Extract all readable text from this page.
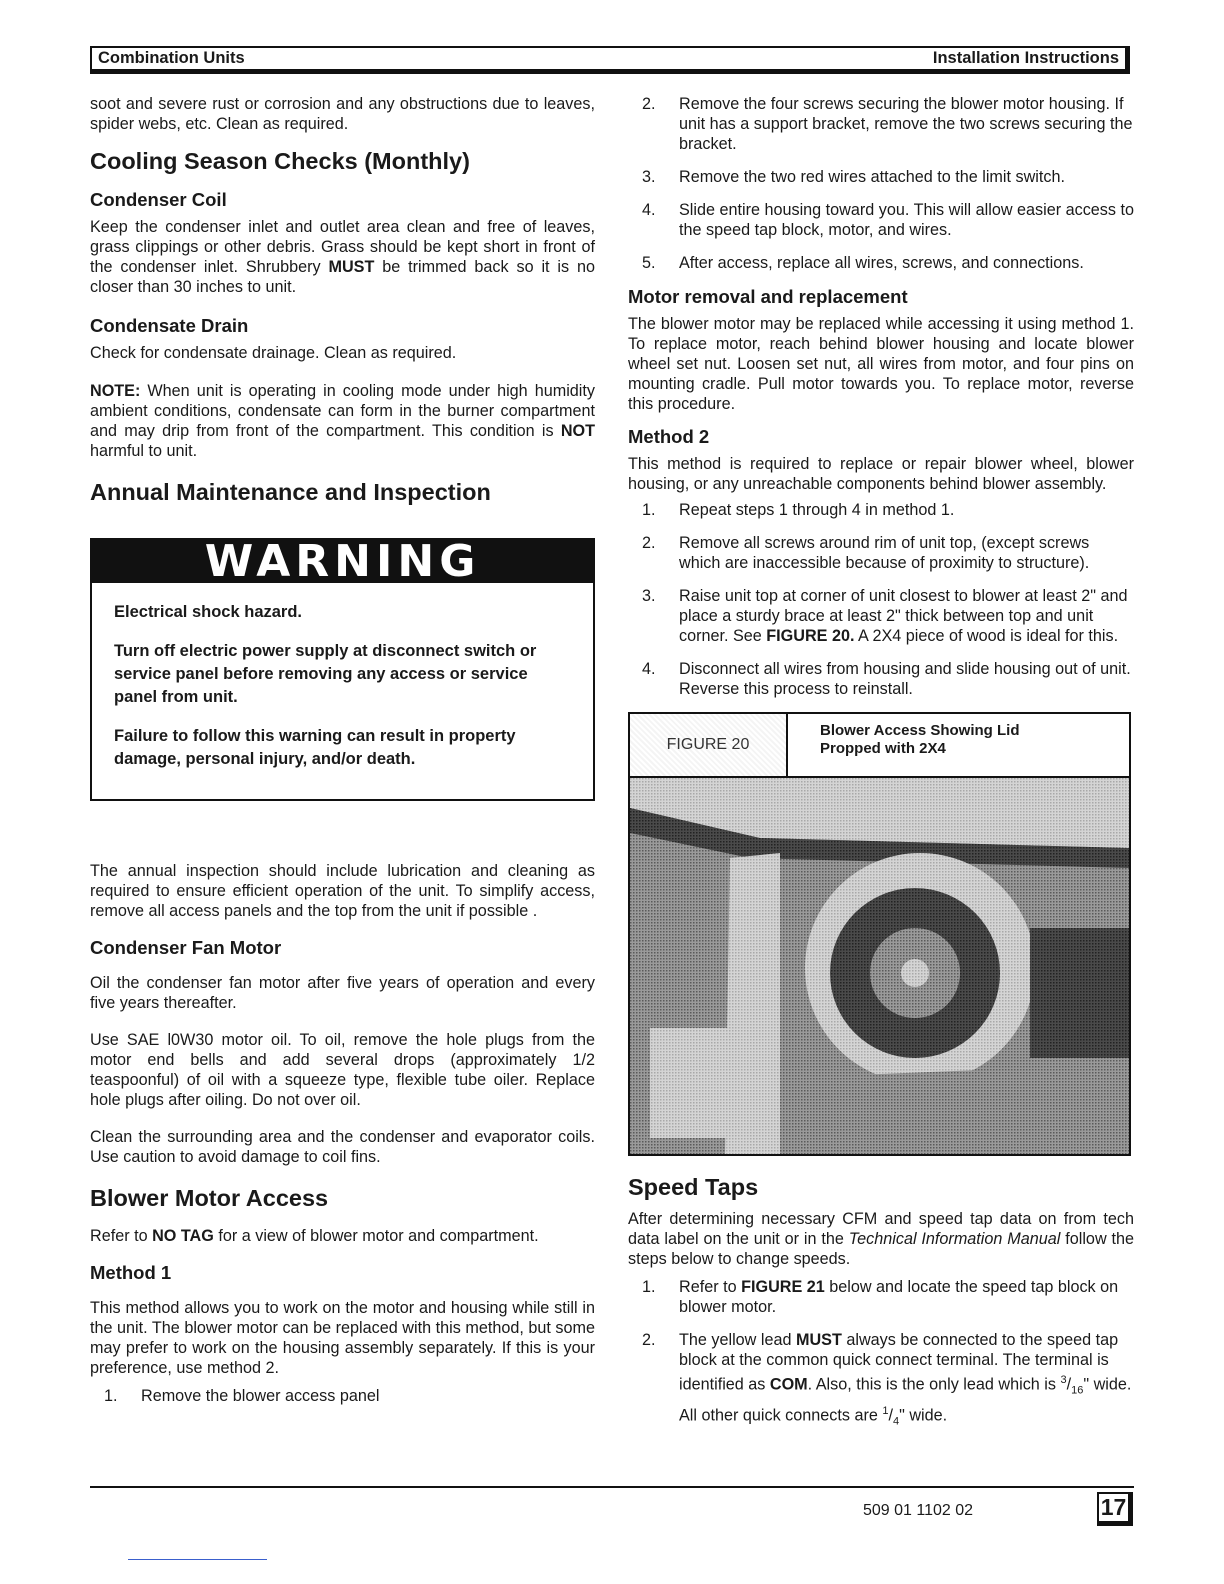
Combination Units	Installation Instructions

soot and severe rust or corrosion and any obstructions due to leaves, spider webs, etc. Clean as required.

Cooling Season Checks (Monthly)
Condenser Coil

Keep the condenser inlet and outlet area clean and free of leaves, grass clippings or other debris. Grass should be kept short in front of the condenser inlet. Shrubbery MUST be trimmed back so it is no closer than 30 inches to unit.

Condensate Drain

Check for condensate drainage. Clean as required.

NOTE: When unit is operating in cooling mode under high humidity ambient conditions, condensate can form in the burner compartment and may drip from front of the compartment. This condition is NOT harmful to unit.

Annual Maintenance and Inspection
WARNING

Electrical shock hazard.

Turn off electric power supply at disconnect switch or service panel before removing any access or service panel from unit.

Failure to follow this warning can result in property damage, personal injury, and/or death.

The annual inspection should include lubrication and cleaning as required to ensure efficient operation of the unit. To simplify access, remove all access panels and the top from the unit if possible .

Condenser Fan Motor

Oil the condenser fan motor after five years of operation and every five years thereafter.

Use SAE l0W30 motor oil. To oil, remove the hole plugs from the motor end bells and add several drops (approximately 1/2 teaspoonful) of oil with a squeeze type, flexible tube oiler. Replace hole plugs after oiling. Do not over oil.

Clean the surrounding area and the condenser and evaporator coils. Use caution to avoid damage to coil fins.

Blower Motor Access

Refer to NO TAG for a view of blower motor and compartment.

Method 1

This method allows you to work on the motor and housing while still in the unit. The blower motor can be replaced with this method, but some may prefer to work on the housing assembly separately. If this is your preference, use method 2.

1. Remove the blower access panel
2. Remove the four screws securing the blower motor housing. If unit has a support bracket, remove the two screws securing the bracket.
3. Remove the two red wires attached to the limit switch.
4. Slide entire housing toward you. This will allow easier access to the speed tap block, motor, and wires.
5. After access, replace all wires, screws, and connections.
Motor removal and replacement

The blower motor may be replaced while accessing it using method 1. To replace motor, reach behind blower housing and locate blower wheel set nut. Loosen set nut, all wires from motor, and four pins on mounting cradle. Pull motor towards you. To replace motor, reverse this procedure.

Method 2

This method is required to replace or repair blower wheel, blower housing, or any unreachable components behind blower assembly.

1. Repeat steps 1 through 4 in method 1.
2. Remove all screws around rim of unit top, (except screws which are inaccessible because of proximity to structure).
3. Raise unit top at corner of unit closest to blower at least 2" and place a sturdy brace at least 2" thick between top and unit corner. See FIGURE 20. A 2X4 piece of wood is ideal for this.
4. Disconnect all wires from housing and slide housing out of unit. Reverse this process to reinstall.
FIGURE 20
Blower Access Showing Lid
Propped with 2X4
Speed Taps

After determining necessary CFM and speed tap data on from tech data label on the unit or in the Technical Information Manual follow the steps below to change speeds.

1. Refer to FIGURE 21 below and locate the speed tap block on blower motor.
2. The yellow lead MUST always be connected to the speed tap block at the common quick connect terminal. The terminal is identified as COM. Also, this is the only lead which is $^3/_{16}$" wide. All other quick connects are $^1/_4$" wide.
509 01 1102 02	17
